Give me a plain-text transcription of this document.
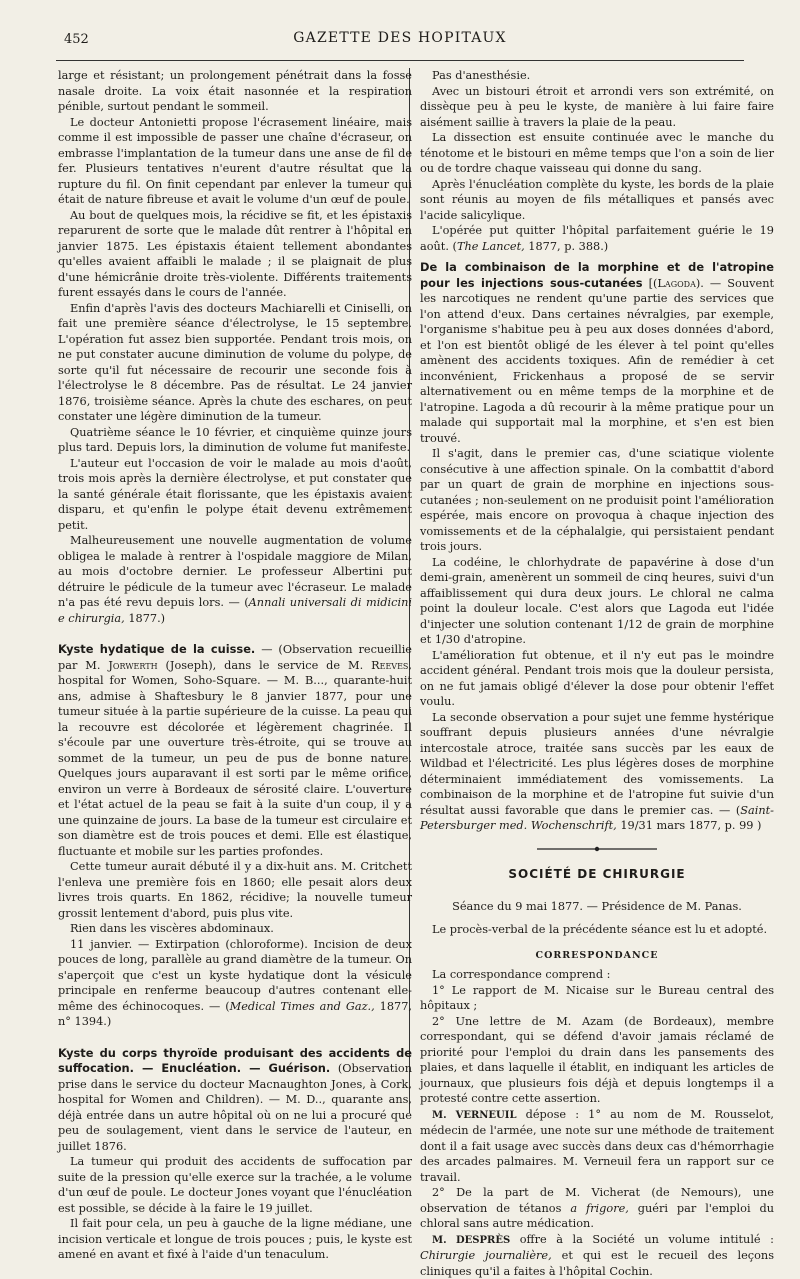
452	GAZETTE DES HOPITAUX

large et résistant; un prolongement pénétrait dans la fosse nasale droite. La voix était nasonnée et la respiration pénible, surtout pendant le sommeil.

Le docteur Antonietti propose l'écrasement linéaire, mais comme il est impossible de passer une chaîne d'écraseur, on embrasse l'implantation de la tumeur dans une anse de fil de fer. Plusieurs tentatives n'eurent d'autre résultat que la rupture du fil. On finit cependant par enlever la tumeur qui était de nature fibreuse et avait le volume d'un œuf de poule.

Au bout de quelques mois, la récidive se fit, et les épistaxis reparurent de sorte que le malade dût rentrer à l'hôpital en janvier 1875. Les épistaxis étaient tellement abondantes qu'elles avaient affaibli le malade ; il se plaignait de plus d'une hémicrânie droite très-violente. Différents traitements furent essayés dans le cours de l'année.

Enfin d'après l'avis des docteurs Machiarelli et Ciniselli, on fait une première séance d'électrolyse, le 15 septembre. L'opération fut assez bien supportée. Pendant trois mois, on ne put constater aucune diminution de volume du polype, de sorte qu'il fut nécessaire de recourir une seconde fois à l'électrolyse le 8 décembre. Pas de résultat. Le 24 janvier 1876, troisième séance. Après la chute des eschares, on peut constater une légère diminution de la tumeur.

Quatrième séance le 10 février, et cinquième quinze jours plus tard. Depuis lors, la diminution de volume fut manifeste.

L'auteur eut l'occasion de voir le malade au mois d'août, trois mois après la dernière électrolyse, et put constater que la santé générale était florissante, que les épistaxis avaient disparu, et qu'enfin le polype était devenu extrêmement petit.

Malheureusement une nouvelle augmentation de volume obligea le malade à rentrer à l'ospidale maggiore de Milan, au mois d'octobre dernier. Le professeur Albertini put détruire le pédicule de la tumeur avec l'écraseur. Le malade n'a pas été revu depuis lors. — (Annali universali di midicini e chirurgia, 1877.)

Kyste hydatique de la cuisse. — (Observation recueillie par M. Jorwerth (Joseph), dans le service de M. Reeves, hospital for Women, Soho-Square. — M. B..., quarante-huit ans, admise à Shaftesbury le 8 janvier 1877, pour une tumeur située à la partie supérieure de la cuisse. La peau qui la recouvre est décolorée et légèrement chagrinée. Il s'écoule par une ouverture très-étroite, qui se trouve au sommet de la tumeur, un peu de pus de bonne nature. Quelques jours auparavant il est sorti par le même orifice, environ un verre à Bordeaux de sérosité claire. L'ouverture et l'état actuel de la peau se fait à la suite d'un coup, il y a une quinzaine de jours. La base de la tumeur est circulaire et son diamètre est de trois pouces et demi. Elle est élastique, fluctuante et mobile sur les parties profondes.

Cette tumeur aurait débuté il y a dix-huit ans. M. Critchett l'enleva une première fois en 1860; elle pesait alors deux livres trois quarts. En 1862, récidive; la nouvelle tumeur grossit lentement d'abord, puis plus vite.

Rien dans les viscères abdominaux.

11 janvier. — Extirpation (chloroforme). Incision de deux pouces de long, parallèle au grand diamètre de la tumeur. On s'aperçoit que c'est un kyste hydatique dont la vésicule principale en renferme beaucoup d'autres contenant elle-même des échinocoques. — (Medical Times and Gaz., 1877, n° 1394.)

Kyste du corps thyroïde produisant des accidents de suffocation. — Enucléation. — Guérison. (Observation prise dans le service du docteur Macnaughton Jones, à Cork, hospital for Women and Children). — M. D.., quarante ans, déjà entrée dans un autre hôpital où on ne lui a procuré que peu de soulagement, vient dans le service de l'auteur, en juillet 1876.

La tumeur qui produit des accidents de suffocation par suite de la pression qu'elle exerce sur la trachée, a le volume d'un œuf de poule. Le docteur Jones voyant que l'énucléation est possible, se décide à la faire le 19 juillet.

Il fait pour cela, un peu à gauche de la ligne médiane, une incision verticale et longue de trois pouces ; puis, le kyste est amené en avant et fixé à l'aide d'un tenaculum.

Pas d'anesthésie.

Avec un bistouri étroit et arrondi vers son extrémité, on dissèque peu à peu le kyste, de manière à lui faire faire aisément saillie à travers la plaie de la peau.

La dissection est ensuite continuée avec le manche du ténotome et le bistouri en même temps que l'on a soin de lier ou de tordre chaque vaisseau qui donne du sang.

Après l'énucléation complète du kyste, les bords de la plaie sont réunis au moyen de fils métalliques et pansés avec l'acide salicylique.

L'opérée put quitter l'hôpital parfaitement guérie le 19 août. (The Lancet, 1877, p. 388.)

De la combinaison de la morphine et de l'atropine pour les injections sous-cutanées [(Lagoda). — Souvent les narcotiques ne rendent qu'une partie des services que l'on attend d'eux. Dans certaines névralgies, par exemple, l'organisme s'habitue peu à peu aux doses données d'abord, et l'on est bientôt obligé de les élever à tel point qu'elles amènent des accidents toxiques. Afin de remédier à cet inconvénient, Frickenhaus a proposé de se servir alternativement ou en même temps de la morphine et de l'atropine. Lagoda a dû recourir à la même pratique pour un malade qui supportait mal la morphine, et s'en est bien trouvé.

Il s'agit, dans le premier cas, d'une sciatique violente consécutive à une affection spinale. On la combattit d'abord par un quart de grain de morphine en injections sous-cutanées ; non-seulement on ne produisit point l'amélioration espérée, mais encore on provoqua à chaque injection des vomissements et de la céphalalgie, qui persistaient pendant trois jours.

La codéine, le chlorhydrate de papavérine à dose d'un demi-grain, amenèrent un sommeil de cinq heures, suivi d'un affaiblissement qui dura deux jours. Le chloral ne calma point la douleur locale. C'est alors que Lagoda eut l'idée d'injecter une solution contenant 1/12 de grain de morphine et 1/30 d'atropine.

L'amélioration fut obtenue, et il n'y eut pas le moindre accident général. Pendant trois mois que la douleur persista, on ne fut jamais obligé d'élever la dose pour obtenir l'effet voulu.

La seconde observation a pour sujet une femme hystérique souffrant depuis plusieurs années d'une névralgie intercostale atroce, traitée sans succès par les eaux de Wildbad et l'électricité. Les plus légères doses de morphine déterminaient immédiatement des vomissements. La combinaison de la morphine et de l'atropine fut suivie d'un résultat aussi favorable que dans le premier cas. — (Saint-Petersburger med. Wochenschrift, 19/31 mars 1877, p. 99 )

SOCIÉTÉ DE CHIRURGIE

Séance du 9 mai 1877. — Présidence de M. Panas.

Le procès-verbal de la précédente séance est lu et adopté.

CORRESPONDANCE

La correspondance comprend :

1° Le rapport de M. Nicaise sur le Bureau central des hôpitaux ;

2° Une lettre de M. Azam (de Bordeaux), membre correspondant, qui se défend d'avoir jamais réclamé de priorité pour l'emploi du drain dans les pansements des plaies, et dans laquelle il établit, en indiquant les articles de journaux, que plusieurs fois déjà et depuis longtemps il a protesté contre cette assertion.

M. VERNEUIL dépose : 1° au nom de M. Rousselot, médecin de l'armée, une note sur une méthode de traitement dont il a fait usage avec succès dans deux cas d'hémorrhagie des arcades palmaires. M. Verneuil fera un rapport sur ce travail.

2° De la part de M. Vicherat (de Nemours), une observation de tétanos a frigore, guéri par l'emploi du chloral sans autre médication.

M. DESPRÈS offre à la Société un volume intitulé : Chirurgie journalière, et qui est le recueil des leçons cliniques qu'il a faites à l'hôpital Cochin.
